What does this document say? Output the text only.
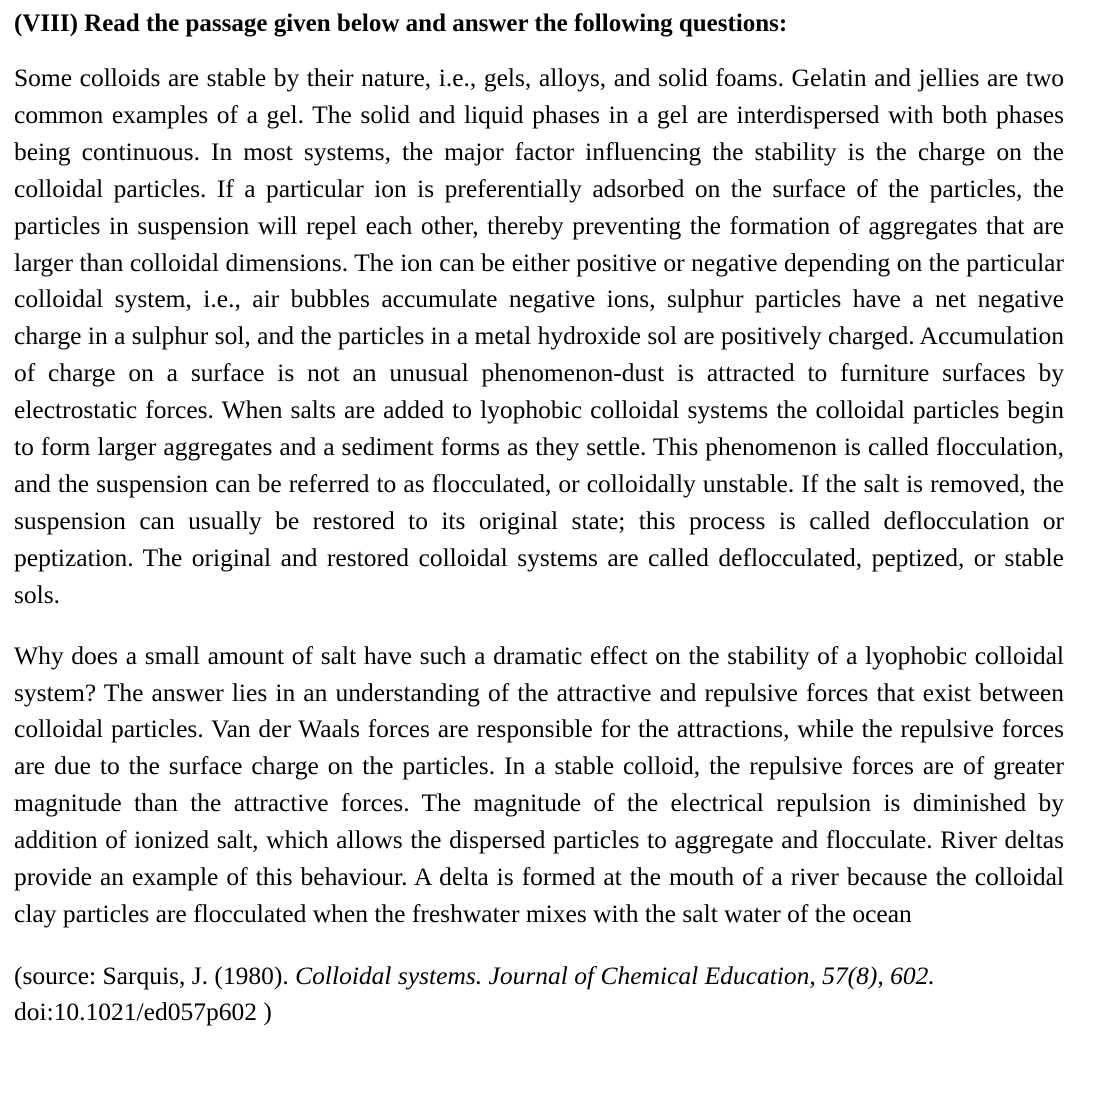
(VIII) Read the passage given below and answer the following questions:

Some colloids are stable by their nature, i.e., gels, alloys, and solid foams. Gelatin and jellies are two common examples of a gel. The solid and liquid phases in a gel are interdispersed with both phases being continuous. In most systems, the major factor influencing the stability is the charge on the colloidal particles. If a particular ion is preferentially adsorbed on the surface of the particles, the particles in suspension will repel each other, thereby preventing the formation of aggregates that are larger than colloidal dimensions. The ion can be either positive or negative depending on the particular colloidal system, i.e., air bubbles accumulate negative ions, sulphur particles have a net negative charge in a sulphur sol, and the particles in a metal hydroxide sol are positively charged. Accumulation of charge on a surface is not an unusual phenomenon-dust is attracted to furniture surfaces by electrostatic forces. When salts are added to lyophobic colloidal systems the colloidal particles begin to form larger aggregates and a sediment forms as they settle. This phenomenon is called flocculation, and the suspension can be referred to as flocculated, or colloidally unstable. If the salt is removed, the suspension can usually be restored to its original state; this process is called deflocculation or peptization. The original and restored colloidal systems are called deflocculated, peptized, or stable sols.

Why does a small amount of salt have such a dramatic effect on the stability of a lyophobic colloidal system? The answer lies in an understanding of the attractive and repulsive forces that exist between colloidal particles. Van der Waals forces are responsible for the attractions, while the repulsive forces are due to the surface charge on the particles. In a stable colloid, the repulsive forces are of greater magnitude than the attractive forces. The magnitude of the electrical repulsion is diminished by addition of ionized salt, which allows the dispersed particles to aggregate and flocculate. River deltas provide an example of this behaviour. A delta is formed at the mouth of a river because the colloidal clay particles are flocculated when the freshwater mixes with the salt water of the ocean

(source: Sarquis, J. (1980). Colloidal systems. Journal of Chemical Education, 57(8), 602. doi:10.1021/ed057p602 )
